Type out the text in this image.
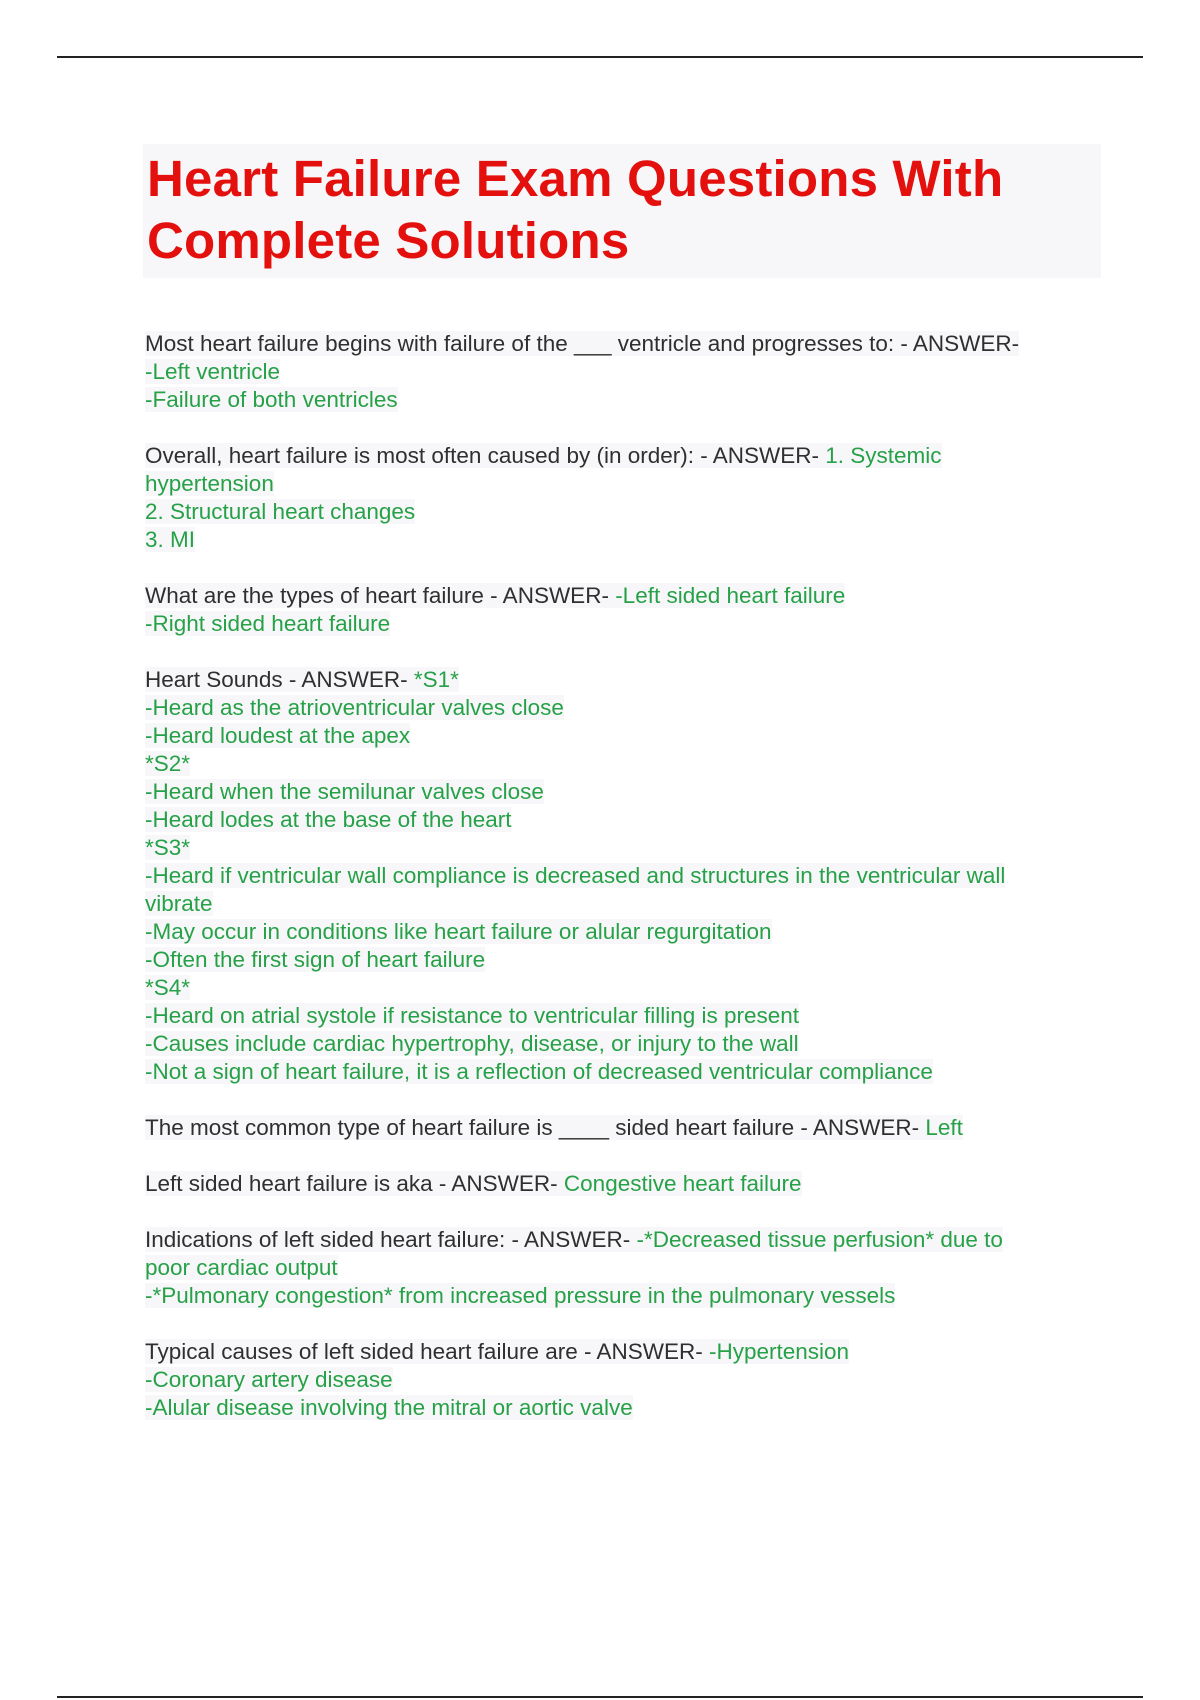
Heart Failure Exam Questions With
Complete Solutions
Most heart failure begins with failure of the ___ ventricle and progresses to: - ANSWER-
-Left ventricle
-Failure of both ventricles
Overall, heart failure is most often caused by (in order): - ANSWER- 1. Systemic
hypertension
2. Structural heart changes
3. MI
What are the types of heart failure - ANSWER- -Left sided heart failure
-Right sided heart failure
Heart Sounds - ANSWER- *S1*
-Heard as the atrioventricular valves close
-Heard loudest at the apex
*S2*
-Heard when the semilunar valves close
-Heard lodes at the base of the heart
*S3*
-Heard if ventricular wall compliance is decreased and structures in the ventricular wall
vibrate
-May occur in conditions like heart failure or alular regurgitation
-Often the first sign of heart failure
*S4*
-Heard on atrial systole if resistance to ventricular filling is present
-Causes include cardiac hypertrophy, disease, or injury to the wall
-Not a sign of heart failure, it is a reflection of decreased ventricular compliance
The most common type of heart failure is ____ sided heart failure - ANSWER- Left
Left sided heart failure is aka - ANSWER- Congestive heart failure
Indications of left sided heart failure: - ANSWER- -*Decreased tissue perfusion* due to
poor cardiac output
-*Pulmonary congestion* from increased pressure in the pulmonary vessels
Typical causes of left sided heart failure are - ANSWER- -Hypertension
-Coronary artery disease
-Alular disease involving the mitral or aortic valve
